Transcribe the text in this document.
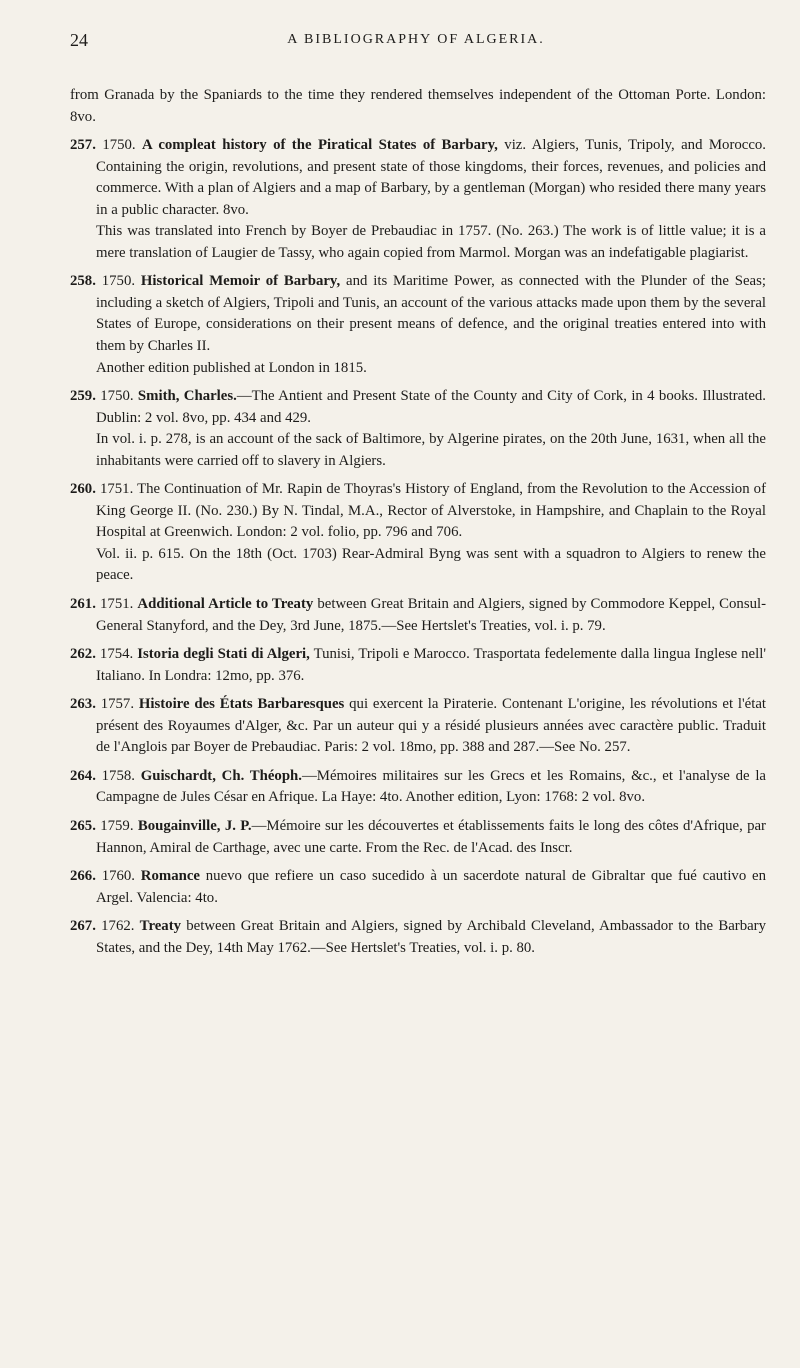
24	A BIBLIOGRAPHY OF ALGERIA.

from Granada by the Spaniards to the time they rendered themselves independent of the Ottoman Porte. London: 8vo.

257. 1750. A compleat history of the Piratical States of Barbary, viz. Algiers, Tunis, Tripoly, and Morocco. Containing the origin, revolutions, and present state of those kingdoms, their forces, revenues, and policies and commerce. With a plan of Algiers and a map of Barbary, by a gentleman (Morgan) who resided there many years in a public character. 8vo.

This was translated into French by Boyer de Prebaudiac in 1757. (No. 263.) The work is of little value; it is a mere translation of Laugier de Tassy, who again copied from Marmol. Morgan was an indefatigable plagiarist.

258. 1750. Historical Memoir of Barbary, and its Maritime Power, as connected with the Plunder of the Seas; including a sketch of Algiers, Tripoli and Tunis, an account of the various attacks made upon them by the several States of Europe, considerations on their present means of defence, and the original treaties entered into with them by Charles II.

Another edition published at London in 1815.

259. 1750. Smith, Charles.—The Antient and Present State of the County and City of Cork, in 4 books. Illustrated. Dublin: 2 vol. 8vo, pp. 434 and 429.

In vol. i. p. 278, is an account of the sack of Baltimore, by Algerine pirates, on the 20th June, 1631, when all the inhabitants were carried off to slavery in Algiers.

260. 1751. The Continuation of Mr. Rapin de Thoyras's History of England, from the Revolution to the Accession of King George II. (No. 230.) By N. Tindal, M.A., Rector of Alverstoke, in Hampshire, and Chaplain to the Royal Hospital at Greenwich. London: 2 vol. folio, pp. 796 and 706.

Vol. ii. p. 615. On the 18th (Oct. 1703) Rear-Admiral Byng was sent with a squadron to Algiers to renew the peace.

261. 1751. Additional Article to Treaty between Great Britain and Algiers, signed by Commodore Keppel, Consul-General Stanyford, and the Dey, 3rd June, 1875.—See Hertslet's Treaties, vol. i. p. 79.

262. 1754. Istoria degli Stati di Algeri, Tunisi, Tripoli e Marocco. Trasportata fedelemente dalla lingua Inglese nell' Italiano. In Londra: 12mo, pp. 376.

263. 1757. Histoire des États Barbaresques qui exercent la Piraterie. Contenant L'origine, les révolutions et l'état présent des Royaumes d'Alger, &c. Par un auteur qui y a résidé plusieurs années avec caractère public. Traduit de l'Anglois par Boyer de Prebaudiac. Paris: 2 vol. 18mo, pp. 388 and 287.—See No. 257.

264. 1758. Guischardt, Ch. Théoph.—Mémoires militaires sur les Grecs et les Romains, &c., et l'analyse de la Campagne de Jules César en Afrique. La Haye: 4to. Another edition, Lyon: 1768: 2 vol. 8vo.

265. 1759. Bougainville, J. P.—Mémoire sur les découvertes et établissements faits le long des côtes d'Afrique, par Hannon, Amiral de Carthage, avec une carte. From the Rec. de l'Acad. des Inscr.

266. 1760. Romance nuevo que refiere un caso sucedido à un sacerdote natural de Gibraltar que fué cautivo en Argel. Valencia: 4to.

267. 1762. Treaty between Great Britain and Algiers, signed by Archibald Cleveland, Ambassador to the Barbary States, and the Dey, 14th May 1762.—See Hertslet's Treaties, vol. i. p. 80.
